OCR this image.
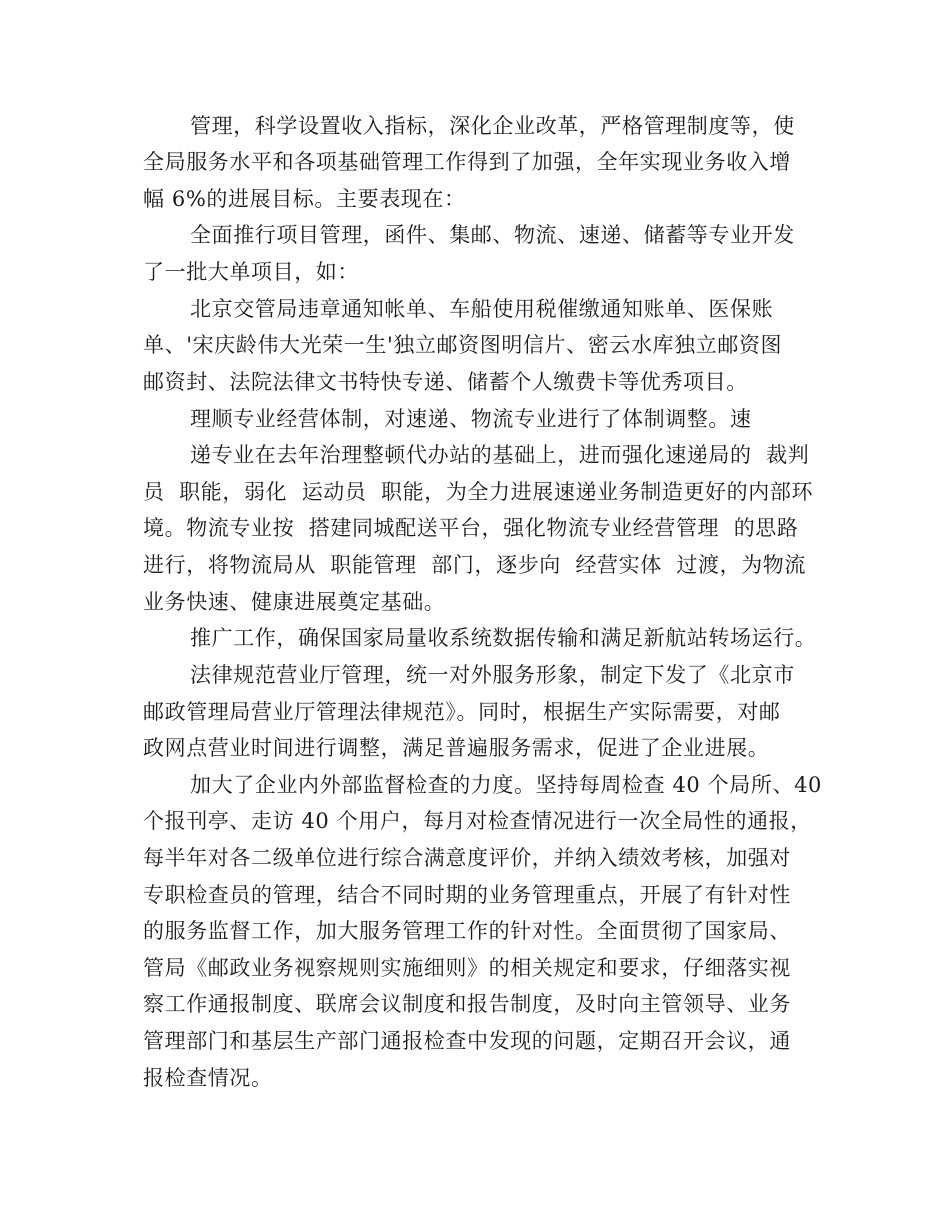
管理，科学设置收入指标，深化企业改革，严格管理制度等，使

全局服务水平和各项基础管理工作得到了加强，全年实现业务收入增

幅 6%的进展目标。主要表现在：

全面推行项目管理，函件、集邮、物流、速递、储蓄等专业开发

了一批大单项目，如：

北京交管局违章通知帐单、车船使用税催缴通知账单、医保账

单、'宋庆龄伟大光荣一生'独立邮资图明信片、密云水库独立邮资图

邮资封、法院法律文书特快专递、储蓄个人缴费卡等优秀项目。

理顺专业经营体制，对速递、物流专业进行了体制调整。速

递专业在去年治理整顿代办站的基础上，进而强化速递局的  裁判

员  职能，弱化  运动员  职能，为全力进展速递业务制造更好的内部环

境。物流专业按  搭建同城配送平台，强化物流专业经营管理  的思路

进行，将物流局从  职能管理  部门，逐步向  经营实体  过渡，为物流

业务快速、健康进展奠定基础。

推广工作，确保国家局量收系统数据传输和满足新航站转场运行。

法律规范营业厅管理，统一对外服务形象，制定下发了《北京市

邮政管理局营业厅管理法律规范》。同时，根据生产实际需要，对邮

政网点营业时间进行调整，满足普遍服务需求，促进了企业进展。

加大了企业内外部监督检查的力度。坚持每周检查 40 个局所、40

个报刊亭、走访 40 个用户，每月对检查情况进行一次全局性的通报，

每半年对各二级单位进行综合满意度评价，并纳入绩效考核，加强对

专职检查员的管理，结合不同时期的业务管理重点，开展了有针对性

的服务监督工作，加大服务管理工作的针对性。全面贯彻了国家局、

管局《邮政业务视察规则实施细则》的相关规定和要求，仔细落实视

察工作通报制度、联席会议制度和报告制度，及时向主管领导、业务

管理部门和基层生产部门通报检查中发现的问题，定期召开会议，通

报检查情况。
